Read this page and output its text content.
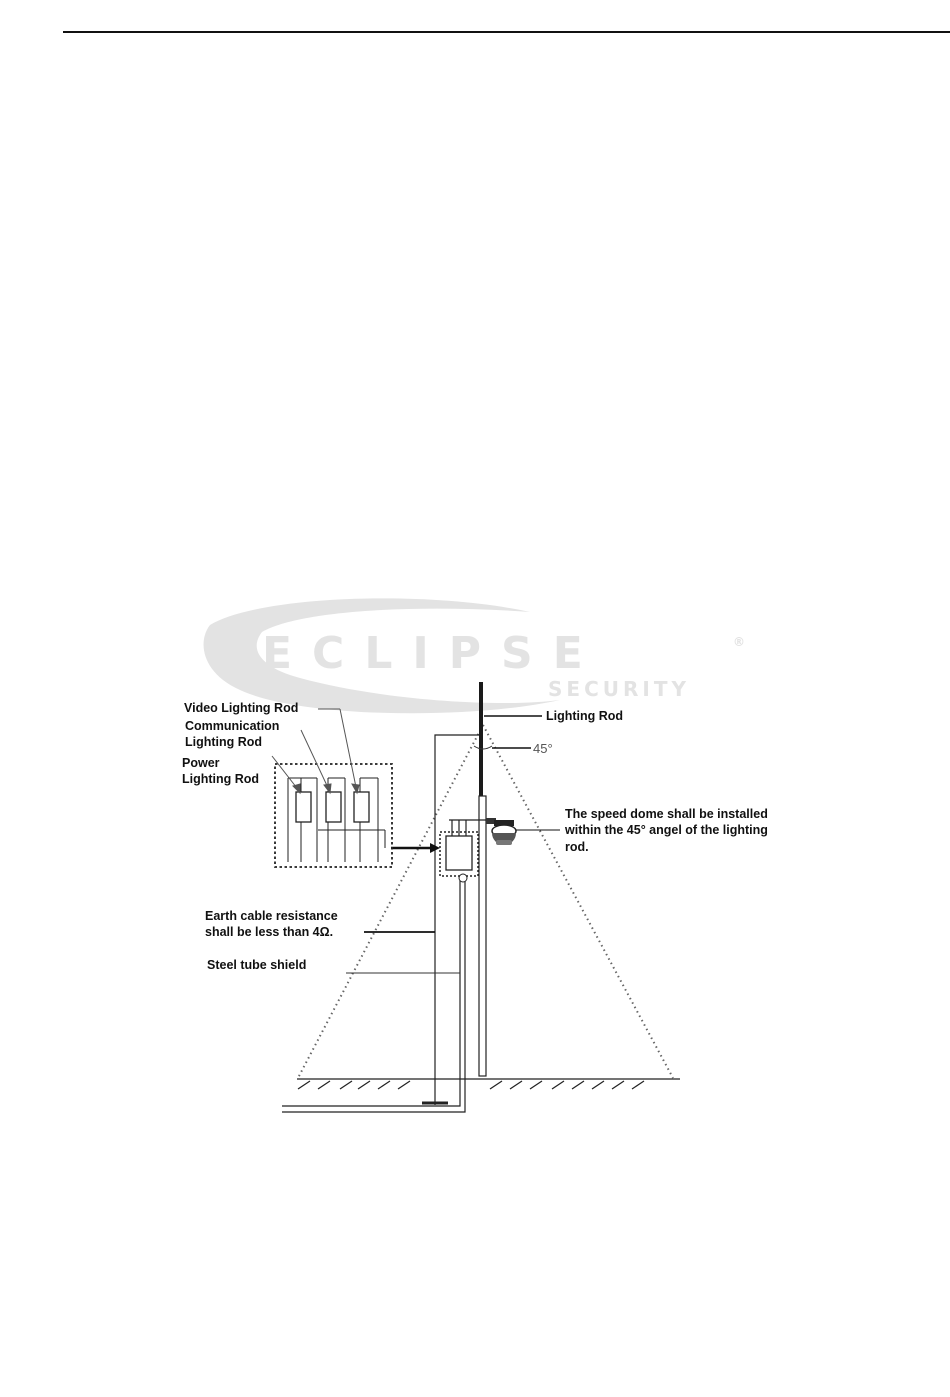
ECLIPSE
SECURITY
®
Video Lighting Rod
Communication
Lighting Rod
Power
Lighting Rod
Lighting Rod
45°
The speed dome shall be installed
within the 45° angel of the lighting
rod.
Earth cable resistance
shall be less than 4Ω.
Steel tube shield
